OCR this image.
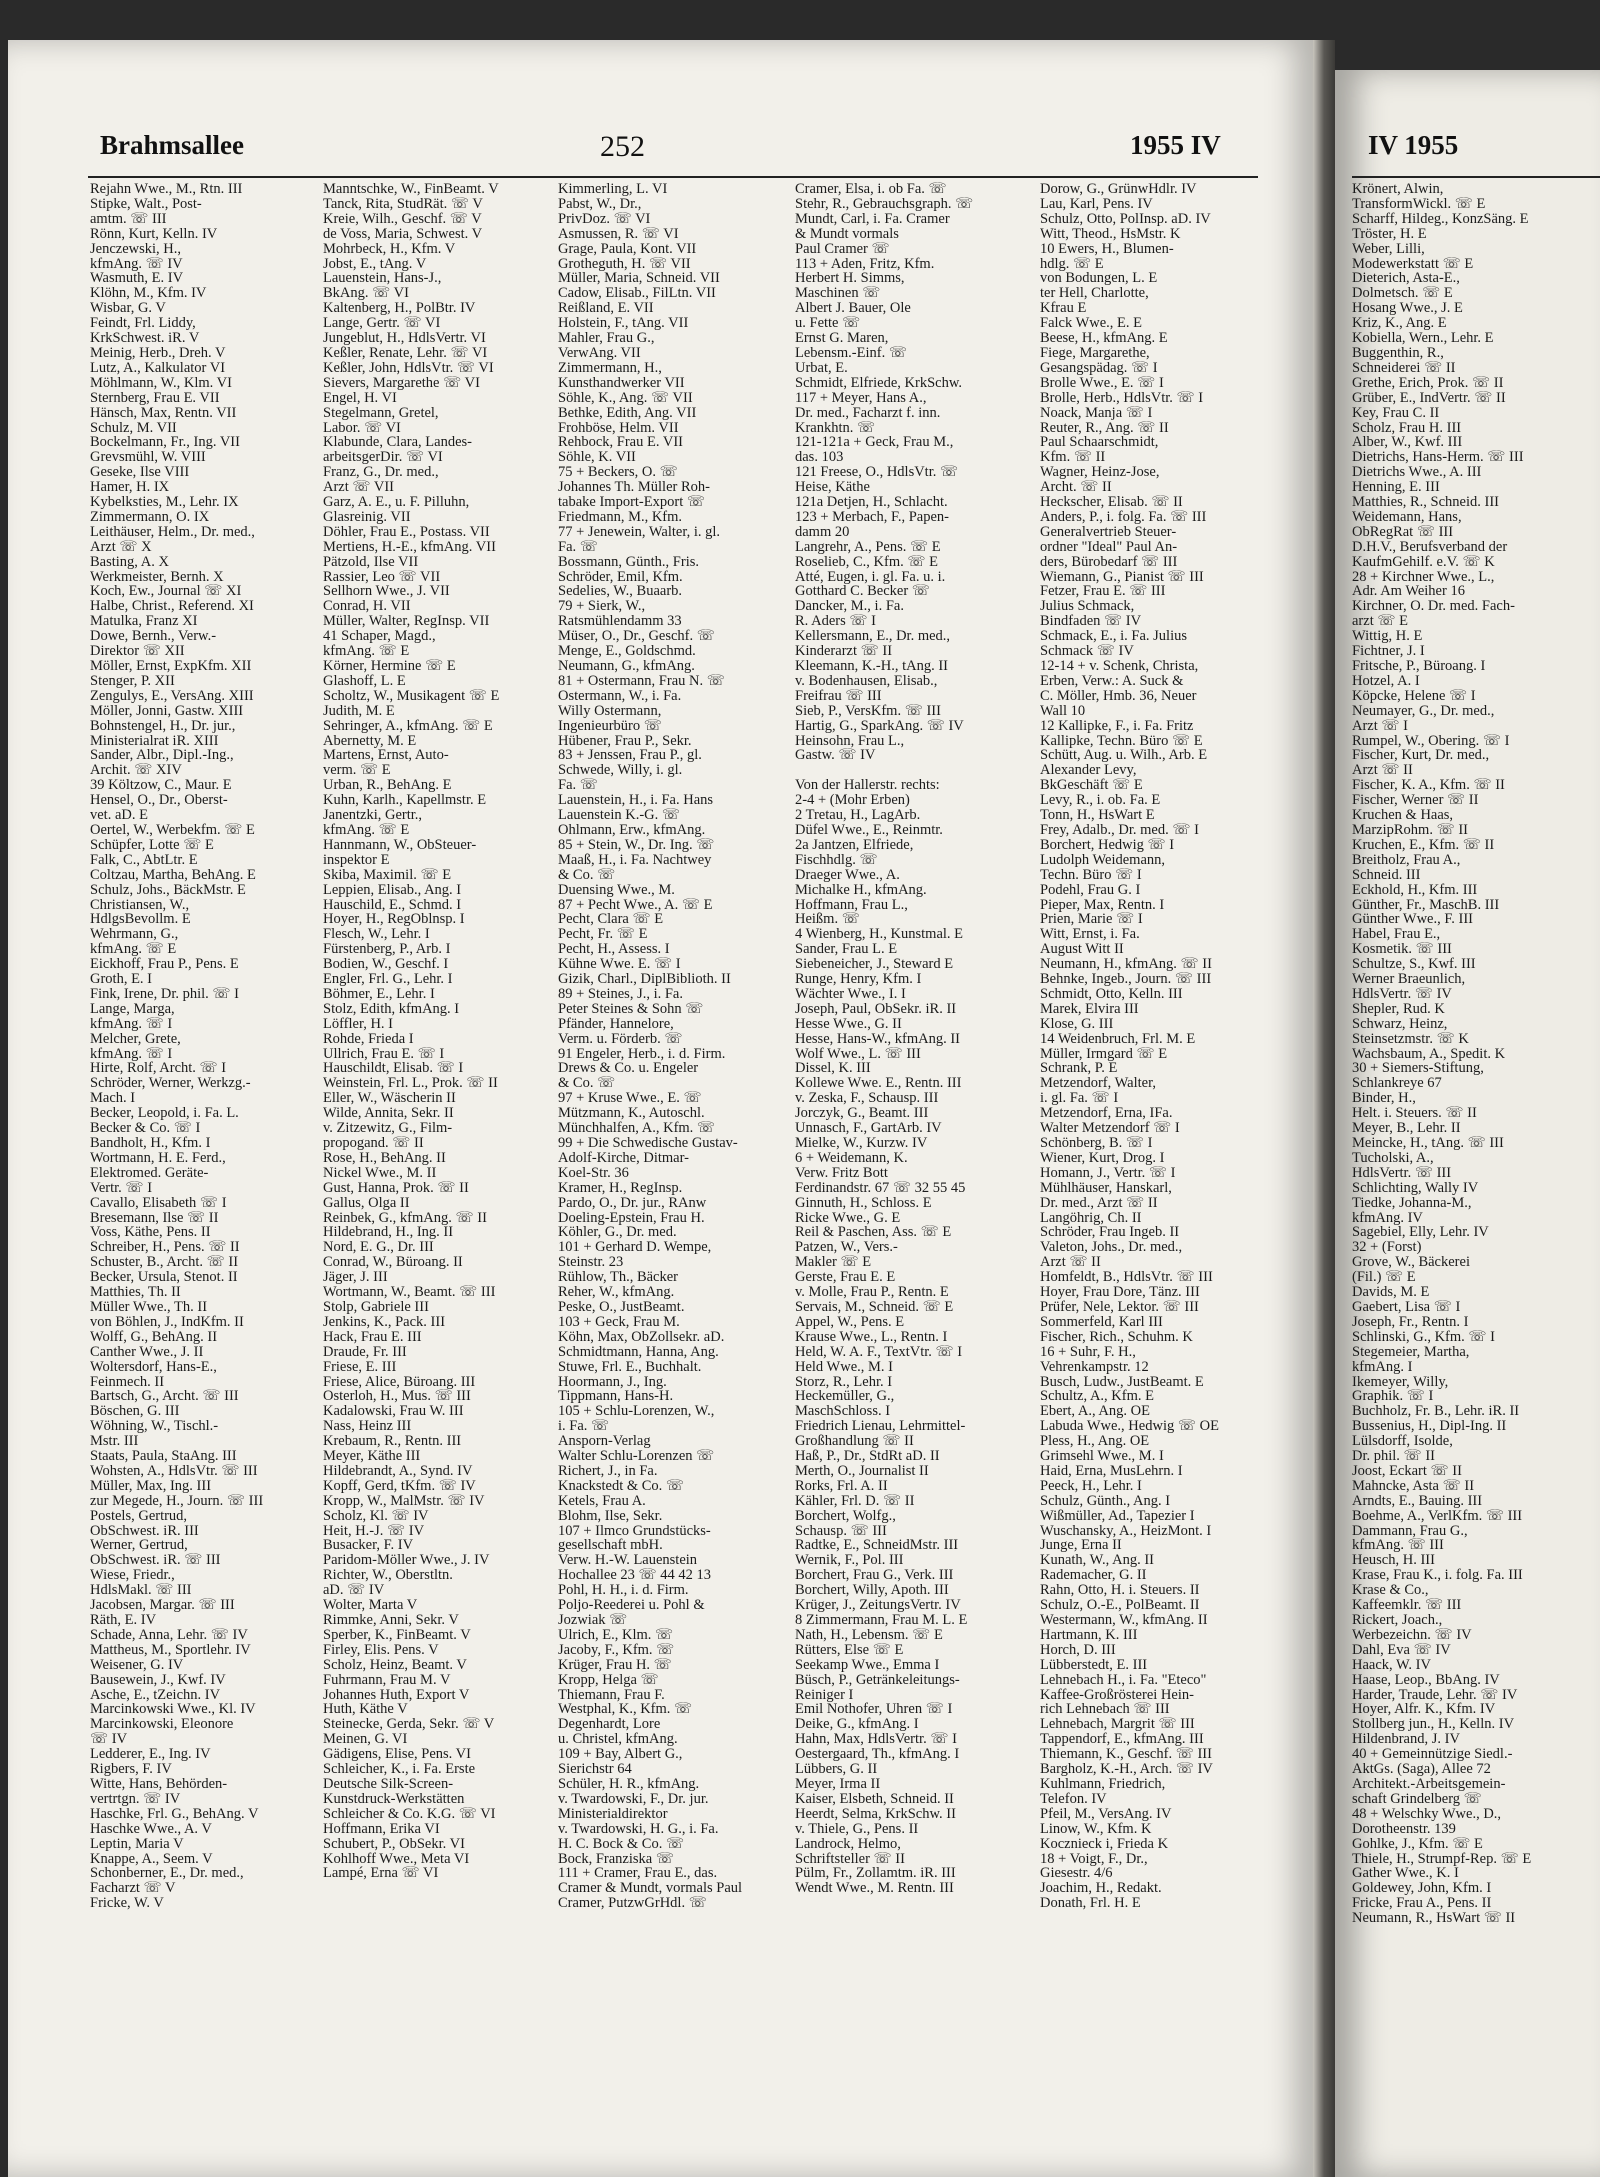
Brahmsallee	252	1955 IV	IV 1955
Rejahn Wwe., M., Rtn. III
Stipke, Walt., Post-
amtm. ☏ III
Rönn, Kurt, Kelln. IV
Jenczewski, H.,
kfmAng. ☏ IV
Wasmuth, E. IV
Klöhn, M., Kfm. IV
Wisbar, G. V
Feindt, Frl. Liddy,
KrkSchwest. iR. V
Meinig, Herb., Dreh. V
Lutz, A., Kalkulator VI
Möhlmann, W., Klm. VI
Sternberg, Frau E. VII
Hänsch, Max, Rentn. VII
Schulz, M. VII
Bockelmann, Fr., Ing. VII
Grevsmühl, W. VIII
Geseke, Ilse VIII
Hamer, H. IX
Kybelksties, M., Lehr. IX
Zimmermann, O. IX
Leithäuser, Helm., Dr. med.,
Arzt ☏ X
Basting, A. X
Werkmeister, Bernh. X
Koch, Ew., Journal ☏ XI
Halbe, Christ., Referend. XI
Matulka, Franz XI
Dowe, Bernh., Verw.-
Direktor ☏ XII
Möller, Ernst, ExpKfm. XII
Stenger, P. XII
Zengulys, E., VersAng. XIII
Möller, Jonni, Gastw. XIII
Bohnstengel, H., Dr. jur.,
Ministerialrat iR. XIII
Sander, Albr., Dipl.-Ing.,
Archit. ☏ XIV
39 Költzow, C., Maur. E
Hensel, O., Dr., Oberst-
vet. aD. E
Oertel, W., Werbekfm. ☏ E
Schüpfer, Lotte ☏ E
Falk, C., AbtLtr. E
Coltzau, Martha, BehAng. E
Schulz, Johs., BäckMstr. E
Christiansen, W.,
HdlgsBevollm. E
Wehrmann, G.,
kfmAng. ☏ E
Eickhoff, Frau P., Pens. E
Groth, E. I
Fink, Irene, Dr. phil. ☏ I
Lange, Marga,
kfmAng. ☏ I
Melcher, Grete,
kfmAng. ☏ I
Hirte, Rolf, Archt. ☏ I
Schröder, Werner, Werkzg.-
Mach. I
Becker, Leopold, i. Fa. L.
Becker & Co. ☏ I
Bandholt, H., Kfm. I
Wortmann, H. E. Ferd.,
Elektromed. Geräte-
Vertr. ☏ I
Cavallo, Elisabeth ☏ I
Bresemann, Ilse ☏ II
Voss, Käthe, Pens. II
Schreiber, H., Pens. ☏ II
Schuster, B., Archt. ☏ II
Becker, Ursula, Stenot. II
Matthies, Th. II
Müller Wwe., Th. II
von Böhlen, J., IndKfm. II
Wolff, G., BehAng. II
Canther Wwe., J. II
Woltersdorf, Hans-E.,
Feinmech. II
Bartsch, G., Archt. ☏ III
Böschen, G. III
Wöhning, W., Tischl.-
Mstr. III
Staats, Paula, StaAng. III
Wohsten, A., HdlsVtr. ☏ III
Müller, Max, Ing. III
zur Megede, H., Journ. ☏ III
Postels, Gertrud,
ObSchwest. iR. III
Werner, Gertrud,
ObSchwest. iR. ☏ III
Wiese, Friedr.,
HdlsMakl. ☏ III
Jacobsen, Margar. ☏ III
Räth, E. IV
Schade, Anna, Lehr. ☏ IV
Mattheus, M., Sportlehr. IV
Weisener, G. IV
Bausewein, J., Kwf. IV
Asche, E., tZeichn. IV
Marcinkowski Wwe., Kl. IV
Marcinkowski, Eleonore
☏ IV
Ledderer, E., Ing. IV
Rigbers, F. IV
Witte, Hans, Behörden-
vertrtgn. ☏ IV
Haschke, Frl. G., BehAng. V
Haschke Wwe., A. V
Leptin, Maria V
Knappe, A., Seem. V
Schonberner, E., Dr. med.,
Facharzt ☏ V
Fricke, W. V
Manntschke, W., FinBeamt. V
Tanck, Rita, StudRät. ☏ V
Kreie, Wilh., Geschf. ☏ V
de Voss, Maria, Schwest. V
Mohrbeck, H., Kfm. V
Jobst, E., tAng. V
Lauenstein, Hans-J.,
BkAng. ☏ VI
Kaltenberg, H., PolBtr. IV
Lange, Gertr. ☏ VI
Jungeblut, H., HdlsVertr. VI
Keßler, Renate, Lehr. ☏ VI
Keßler, John, HdlsVtr. ☏ VI
Sievers, Margarethe ☏ VI
Engel, H. VI
Stegelmann, Gretel,
Labor. ☏ VI
Klabunde, Clara, Landes-
arbeitsgerDir. ☏ VI
Franz, G., Dr. med.,
Arzt ☏ VII
Garz, A. E., u. F. Pilluhn,
Glasreinig. VII
Döhler, Frau E., Postass. VII
Mertiens, H.-E., kfmAng. VII
Pätzold, Ilse VII
Rassier, Leo ☏ VII
Sellhorn Wwe., J. VII
Conrad, H. VII
Müller, Walter, RegInsp. VII
41 Schaper, Magd.,
kfmAng. ☏ E
Körner, Hermine ☏ E
Glashoff, L. E
Scholtz, W., Musikagent ☏ E
Judith, M. E
Sehringer, A., kfmAng. ☏ E
Abernetty, M. E
Martens, Ernst, Auto-
verm. ☏ E
Urban, R., BehAng. E
Kuhn, Karlh., Kapellmstr. E
Janentzki, Gertr.,
kfmAng. ☏ E
Hannmann, W., ObSteuer-
inspektor E
Skiba, Maximil. ☏ E
Leppien, Elisab., Ang. I
Hauschild, E., Schmd. I
Hoyer, H., RegOblnsp. I
Flesch, W., Lehr. I
Fürstenberg, P., Arb. I
Bodien, W., Geschf. I
Engler, Frl. G., Lehr. I
Böhmer, E., Lehr. I
Stolz, Edith, kfmAng. I
Löffler, H. I
Rohde, Frieda I
Ullrich, Frau E. ☏ I
Hauschildt, Elisab. ☏ I
Weinstein, Frl. L., Prok. ☏ II
Eller, W., Wäscherin II
Wilde, Annita, Sekr. II
v. Zitzewitz, G., Film-
propogand. ☏ II
Rose, H., BehAng. II
Nickel Wwe., M. II
Gust, Hanna, Prok. ☏ II
Gallus, Olga II
Reinbek, G., kfmAng. ☏ II
Hildebrand, H., Ing. II
Nord, E. G., Dr. III
Conrad, W., Büroang. II
Jäger, J. III
Wortmann, W., Beamt. ☏ III
Stolp, Gabriele III
Jenkins, K., Pack. III
Hack, Frau E. III
Draude, Fr. III
Friese, E. III
Friese, Alice, Büroang. III
Osterloh, H., Mus. ☏ III
Kadalowski, Frau W. III
Nass, Heinz III
Krebaum, R., Rentn. III
Meyer, Käthe III
Hildebrandt, A., Synd. IV
Kopff, Gerd, tKfm. ☏ IV
Kropp, W., MalMstr. ☏ IV
Scholz, Kl. ☏ IV
Heit, H.-J. ☏ IV
Busacker, F. IV
Paridom-Möller Wwe., J. IV
Richter, W., Oberstltn.
aD. ☏ IV
Wolter, Marta V
Rimmke, Anni, Sekr. V
Sperber, K., FinBeamt. V
Firley, Elis. Pens. V
Scholz, Heinz, Beamt. V
Fuhrmann, Frau M. V
Johannes Huth, Export V
Huth, Käthe V
Steinecke, Gerda, Sekr. ☏ V
Meinen, G. VI
Gädigens, Elise, Pens. VI
Schleicher, K., i. Fa. Erste
Deutsche Silk-Screen-
Kunstdruck-Werkstätten
Schleicher & Co. K.G. ☏ VI
Hoffmann, Erika VI
Schubert, P., ObSekr. VI
Kohlhoff Wwe., Meta VI
Lampé, Erna ☏ VI
Kimmerling, L. VI
Pabst, W., Dr.,
PrivDoz. ☏ VI
Asmussen, R. ☏ VI
Grage, Paula, Kont. VII
Grotheguth, H. ☏ VII
Müller, Maria, Schneid. VII
Cadow, Elisab., FilLtn. VII
Reißland, E. VII
Holstein, F., tAng. VII
Mahler, Frau G.,
VerwAng. VII
Zimmermann, H.,
Kunsthandwerker VII
Söhle, K., Ang. ☏ VII
Bethke, Edith, Ang. VII
Frohböse, Helm. VII
Rehbock, Frau E. VII
Söhle, K. VII
75 + Beckers, O. ☏
Johannes Th. Müller Roh-
tabake Import-Export ☏
Friedmann, M., Kfm.
77 + Jenewein, Walter, i. gl.
Fa. ☏
Bossmann, Günth., Fris.
Schröder, Emil, Kfm.
Sedelies, W., Buaarb.
79 + Sierk, W.,
Ratsmühlendamm 33
Müser, O., Dr., Geschf. ☏
Menge, E., Goldschmd.
Neumann, G., kfmAng.
81 + Ostermann, Frau N. ☏
Ostermann, W., i. Fa.
Willy Ostermann,
Ingenieurbüro ☏
Hübener, Frau P., Sekr.
83 + Jenssen, Frau P., gl.
Schwede, Willy, i. gl.
Fa. ☏
Lauenstein, H., i. Fa. Hans
Lauenstein K.-G. ☏
Ohlmann, Erw., kfmAng.
85 + Stein, W., Dr. Ing. ☏
Maaß, H., i. Fa. Nachtwey
& Co. ☏
Duensing Wwe., M.
87 + Pecht Wwe., A. ☏ E
Pecht, Clara ☏ E
Pecht, Fr. ☏ E
Pecht, H., Assess. I
Kühne Wwe. E. ☏ I
Gizik, Charl., DiplBiblioth. II
89 + Steines, J., i. Fa.
Peter Steines & Sohn ☏
Pfänder, Hannelore,
Verm. u. Förderb. ☏
91 Engeler, Herb., i. d. Firm.
Drews & Co. u. Engeler
& Co. ☏
97 + Kruse Wwe., E. ☏
Mützmann, K., Autoschl.
Münchhalfen, A., Kfm. ☏
99 + Die Schwedische Gustav-
Adolf-Kirche, Ditmar-
Koel-Str. 36
Kramer, H., RegInsp.
Pardo, O., Dr. jur., RAnw
Doeling-Epstein, Frau H.
Köhler, G., Dr. med.
101 + Gerhard D. Wempe,
Steinstr. 23
Rühlow, Th., Bäcker
Reher, W., kfmAng.
Peske, O., JustBeamt.
103 + Geck, Frau M.
Köhn, Max, ObZollsekr. aD.
Schmidtmann, Hanna, Ang.
Stuwe, Frl. E., Buchhalt.
Hoormann, J., Ing.
Tippmann, Hans-H.
105 + Schlu-Lorenzen, W.,
i. Fa. ☏
Ansporn-Verlag
Walter Schlu-Lorenzen ☏
Richert, J., in Fa.
Knackstedt & Co. ☏
Ketels, Frau A.
Blohm, Ilse, Sekr.
107 + Ilmco Grundstücks-
gesellschaft mbH.
Verw. H.-W. Lauenstein
Hochallee 23 ☏ 44 42 13
Pohl, H. H., i. d. Firm.
Poljo-Reederei u. Pohl &
Jozwiak ☏
Ulrich, E., Klm. ☏
Jacoby, F., Kfm. ☏
Krüger, Frau H. ☏
Kropp, Helga ☏
Thiemann, Frau F.
Westphal, K., Kfm. ☏
Degenhardt, Lore
u. Christel, kfmAng.
109 + Bay, Albert G.,
Sierichstr 64
Schüler, H. R., kfmAng.
v. Twardowski, F., Dr. jur.
Ministerialdirektor
v. Twardowski, H. G., i. Fa.
H. C. Bock & Co. ☏
Bock, Franziska ☏
111 + Cramer, Frau E., das.
Cramer & Mundt, vormals Paul
Cramer, PutzwGrHdl. ☏
Cramer, Elsa, i. ob Fa. ☏
Stehr, R., Gebrauchsgraph. ☏
Mundt, Carl, i. Fa. Cramer
& Mundt vormals
Paul Cramer ☏
113 + Aden, Fritz, Kfm.
Herbert H. Simms,
Maschinen ☏
Albert J. Bauer, Ole
u. Fette ☏
Ernst G. Maren,
Lebensm.-Einf. ☏
Urbat, E.
Schmidt, Elfriede, KrkSchw.
117 + Meyer, Hans A.,
Dr. med., Facharzt f. inn.
Krankhtn. ☏
121-121a + Geck, Frau M.,
das. 103
121 Freese, O., HdlsVtr. ☏
Heise, Käthe
121a Detjen, H., Schlacht.
123 + Merbach, F., Papen-
damm 20
Langrehr, A., Pens. ☏ E
Roselieb, C., Kfm. ☏ E
Atté, Eugen, i. gl. Fa. u. i.
Gotthard C. Becker ☏
Dancker, M., i. Fa.
R. Aders ☏ I
Kellersmann, E., Dr. med.,
Kinderarzt ☏ II
Kleemann, K.-H., tAng. II
v. Bodenhausen, Elisab.,
Freifrau ☏ III
Sieb, P., VersKfm. ☏ III
Hartig, G., SparkAng. ☏ IV
Heinsohn, Frau L.,
Gastw. ☏ IV

Von der Hallerstr. rechts:
2-4 + (Mohr Erben)
2 Tretau, H., LagArb.
Düfel Wwe., E., Reinmtr.
2a Jantzen, Elfriede,
Fischhdlg. ☏
Draeger Wwe., A.
Michalke H., kfmAng.
Hoffmann, Frau L.,
Heißm. ☏
4 Wienberg, H., Kunstmal. E
Sander, Frau L. E
Siebeneicher, J., Steward E
Runge, Henry, Kfm. I
Wächter Wwe., I. I
Joseph, Paul, ObSekr. iR. II
Hesse Wwe., G. II
Hesse, Hans-W., kfmAng. II
Wolf Wwe., L. ☏ III
Dissel, K. III
Kollewe Wwe. E., Rentn. III
v. Zeska, F., Schausp. III
Jorczyk, G., Beamt. III
Unnasch, F., GartArb. IV
Mielke, W., Kurzw. IV
6 + Weidemann, K.
Verw. Fritz Bott
Ferdinandstr. 67 ☏ 32 55 45
Ginnuth, H., Schloss. E
Ricke Wwe., G. E
Reil & Paschen, Ass. ☏ E
Patzen, W., Vers.-
Makler ☏ E
Gerste, Frau E. E
v. Molle, Frau P., Rentn. E
Servais, M., Schneid. ☏ E
Appel, W., Pens. E
Krause Wwe., L., Rentn. I
Held, W. A. F., TextVtr. ☏ I
Held Wwe., M. I
Storz, R., Lehr. I
Heckemüller, G.,
MaschSchloss. I
Friedrich Lienau, Lehrmittel-
Großhandlung ☏ II
Haß, P., Dr., StdRt aD. II
Merth, O., Journalist II
Rorks, Frl. A. II
Kähler, Frl. D. ☏ II
Borchert, Wolfg.,
Schausp. ☏ III
Radtke, E., SchneidMstr. III
Wernik, F., Pol. III
Borchert, Frau G., Verk. III
Borchert, Willy, Apoth. III
Krüger, J., ZeitungsVertr. IV
8 Zimmermann, Frau M. L. E
Nath, H., Lebensm. ☏ E
Rütters, Else ☏ E
Seekamp Wwe., Emma I
Büsch, P., Getränkeleitungs-
Reiniger I
Emil Nothofer, Uhren ☏ I
Deike, G., kfmAng. I
Hahn, Max, HdlsVertr. ☏ I
Oestergaard, Th., kfmAng. I
Lübbers, G. II
Meyer, Irma II
Kaiser, Elsbeth, Schneid. II
Heerdt, Selma, KrkSchw. II
v. Thiele, G., Pens. II
Landrock, Helmo,
Schriftsteller ☏ II
Pülm, Fr., Zollamtm. iR. III
Wendt Wwe., M. Rentn. III
Dorow, G., GrünwHdlr. IV
Lau, Karl, Pens. IV
Schulz, Otto, PolInsp. aD. IV
Witt, Theod., HsMstr. K
10 Ewers, H., Blumen-
hdlg. ☏ E
von Bodungen, L. E
ter Hell, Charlotte,
Kfrau E
Falck Wwe., E. E
Beese, H., kfmAng. E
Fiege, Margarethe,
Gesangspädag. ☏ I
Brolle Wwe., E. ☏ I
Brolle, Herb., HdlsVtr. ☏ I
Noack, Manja ☏ I
Reuter, R., Ang. ☏ II
Paul Schaarschmidt,
Kfm. ☏ II
Wagner, Heinz-Jose,
Archt. ☏ II
Heckscher, Elisab. ☏ II
Anders, P., i. folg. Fa. ☏ III
Generalvertrieb Steuer-
ordner "Ideal" Paul An-
ders, Bürobedarf ☏ III
Wiemann, G., Pianist ☏ III
Fetzer, Frau E. ☏ III
Julius Schmack,
Bindfaden ☏ IV
Schmack, E., i. Fa. Julius
Schmack ☏ IV
12-14 + v. Schenk, Christa,
Erben, Verw.: A. Suck &
C. Möller, Hmb. 36, Neuer
Wall 10
12 Kallipke, F., i. Fa. Fritz
Kallipke, Techn. Büro ☏ E
Schütt, Aug. u. Wilh., Arb. E
Alexander Levy,
BkGeschäft ☏ E
Levy, R., i. ob. Fa. E
Tonn, H., HsWart E
Frey, Adalb., Dr. med. ☏ I
Borchert, Hedwig ☏ I
Ludolph Weidemann,
Techn. Büro ☏ I
Podehl, Frau G. I
Pieper, Max, Rentn. I
Prien, Marie ☏ I
Witt, Ernst, i. Fa.
August Witt II
Neumann, H., kfmAng. ☏ II
Behnke, Ingeb., Journ. ☏ III
Schmidt, Otto, Kelln. III
Marek, Elvira III
Klose, G. III
14 Weidenbruch, Frl. M. E
Müller, Irmgard ☏ E
Schrank, P. E
Metzendorf, Walter,
i. gl. Fa. ☏ I
Metzendorf, Erna, IFa.
Walter Metzendorf ☏ I
Schönberg, B. ☏ I
Wiener, Kurt, Drog. I
Homann, J., Vertr. ☏ I
Mühlhäuser, Hanskarl,
Dr. med., Arzt ☏ II
Langöhrig, Ch. II
Schröder, Frau Ingeb. II
Valeton, Johs., Dr. med.,
Arzt ☏ II
Homfeldt, B., HdlsVtr. ☏ III
Hoyer, Frau Dore, Tänz. III
Prüfer, Nele, Lektor. ☏ III
Sommerfeld, Karl III
Fischer, Rich., Schuhm. K
16 + Suhr, F. H.,
Vehrenkampstr. 12
Busch, Ludw., JustBeamt. E
Schultz, A., Kfm. E
Ebert, A., Ang. OE
Labuda Wwe., Hedwig ☏ OE
Pless, H., Ang. OE
Grimsehl Wwe., M. I
Haid, Erna, MusLehrn. I
Peeck, H., Lehr. I
Schulz, Günth., Ang. I
Wißmüller, Ad., Tapezier I
Wuschansky, A., HeizMont. I
Junge, Erna II
Kunath, W., Ang. II
Rademacher, G. II
Rahn, Otto, H. i. Steuers. II
Schulz, O.-E., PolBeamt. II
Westermann, W., kfmAng. II
Hartmann, K. III
Horch, D. III
Lübberstedt, E. III
Lehnebach H., i. Fa. "Eteco"
Kaffee-Großrösterei Hein-
rich Lehnebach ☏ III
Lehnebach, Margrit ☏ III
Tappendorf, E., kfmAng. III
Thiemann, K., Geschf. ☏ III
Bargholz, K.-H., Arch. ☏ IV
Kuhlmann, Friedrich,
Telefon. IV
Pfeil, M., VersAng. IV
Linow, W., Kfm. K
Kocznieck i, Frieda K
18 + Voigt, F., Dr.,
Giesestr. 4/6
Joachim, H., Redakt.
Donath, Frl. H. E
Krönert, Alwin,
TransformWickl. ☏ E
Scharff, Hildeg., KonzSäng. E
Tröster, H. E
Weber, Lilli,
Modewerkstatt ☏ E
Dieterich, Asta-E.,
Dolmetsch. ☏ E
Hosang Wwe., J. E
Kriz, K., Ang. E
Kobiella, Wern., Lehr. E
Buggenthin, R.,
Schneiderei ☏ II
Grethe, Erich, Prok. ☏ II
Grüber, E., IndVertr. ☏ II
Key, Frau C. II
Scholz, Frau H. III
Alber, W., Kwf. III
Dietrichs, Hans-Herm. ☏ III
Dietrichs Wwe., A. III
Henning, E. III
Matthies, R., Schneid. III
Weidemann, Hans,
ObRegRat ☏ III
D.H.V., Berufsverband der
KaufmGehilf. e.V. ☏ K
28 + Kirchner Wwe., L.,
Adr. Am Weiher 16
Kirchner, O. Dr. med. Fach-
arzt ☏ E
Wittig, H. E
Fichtner, J. I
Fritsche, P., Büroang. I
Hotzel, A. I
Köpcke, Helene ☏ I
Neumayer, G., Dr. med.,
Arzt ☏ I
Rumpel, W., Obering. ☏ I
Fischer, Kurt, Dr. med.,
Arzt ☏ II
Fischer, K. A., Kfm. ☏ II
Fischer, Werner ☏ II
Kruchen & Haas,
MarzipRohm. ☏ II
Kruchen, E., Kfm. ☏ II
Breitholz, Frau A.,
Schneid. III
Eckhold, H., Kfm. III
Günther, Fr., MaschB. III
Günther Wwe., F. III
Habel, Frau E.,
Kosmetik. ☏ III
Schultze, S., Kwf. III
Werner Braeunlich,
HdlsVertr. ☏ IV
Shepler, Rud. K
Schwarz, Heinz,
Steinsetzmstr. ☏ K
Wachsbaum, A., Spedit. K
30 + Siemers-Stiftung,
Schlankreye 67
Binder, H.,
Helt. i. Steuers. ☏ II
Meyer, B., Lehr. II
Meincke, H., tAng. ☏ III
Tucholski, A.,
HdlsVertr. ☏ III
Schlichting, Wally IV
Tiedke, Johanna-M.,
kfmAng. IV
Sagebiel, Elly, Lehr. IV
32 + (Forst)
Grove, W., Bäckerei
(Fil.) ☏ E
Davids, M. E
Gaebert, Lisa ☏ I
Joseph, Fr., Rentn. I
Schlinski, G., Kfm. ☏ I
Stegemeier, Martha,
kfmAng. I
Ikemeyer, Willy,
Graphik. ☏ I
Buchholz, Fr. B., Lehr. iR. II
Bussenius, H., Dipl-Ing. II
Lülsdorff, Isolde,
Dr. phil. ☏ II
Joost, Eckart ☏ II
Mahncke, Asta ☏ II
Arndts, E., Bauing. III
Boehme, A., VerlKfm. ☏ III
Dammann, Frau G.,
kfmAng. ☏ III
Heusch, H. III
Krase, Frau K., i. folg. Fa. III
Krase & Co.,
Kaffeemklr. ☏ III
Rickert, Joach.,
Werbezeichn. ☏ IV
Dahl, Eva ☏ IV
Haack, W. IV
Haase, Leop., BbAng. IV
Harder, Traude, Lehr. ☏ IV
Hoyer, Alfr. K., Kfm. IV
Stollberg jun., H., Kelln. IV
Hildenbrand, J. IV
40 + Gemeinnützige Siedl.-
AktGs. (Saga), Allee 72
Architekt.-Arbeitsgemein-
schaft Grindelberg ☏
48 + Welschky Wwe., D.,
Dorotheenstr. 139
Gohlke, J., Kfm. ☏ E
Thiele, H., Strumpf-Rep. ☏ E
Gather Wwe., K. I
Goldewey, John, Kfm. I
Fricke, Frau A., Pens. II
Neumann, R., HsWart ☏ II
